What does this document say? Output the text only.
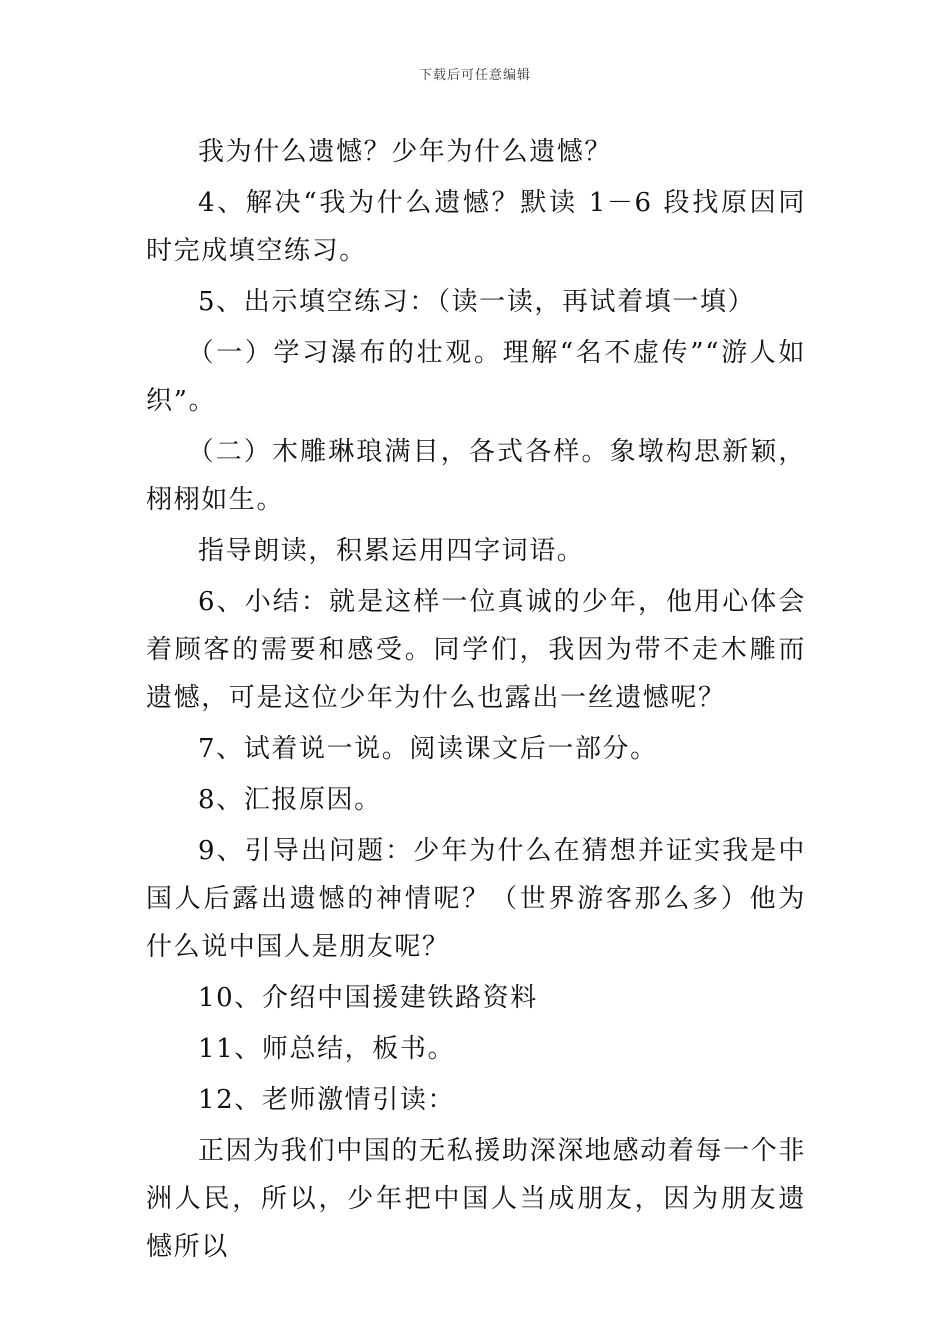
下载后可任意编辑

我为什么遗憾？少年为什么遗憾？

4、解决“我为什么遗憾？默读 1－6 段找原因同时完成填空练习。

5、出示填空练习：（读一读，再试着填一填）

（一）学习瀑布的壮观。理解“名不虚传”“游人如织”。

（二）木雕琳琅满目，各式各样。象墩构思新颖，栩栩如生。

指导朗读，积累运用四字词语。

6、小结：就是这样一位真诚的少年，他用心体会着顾客的需要和感受。同学们，我因为带不走木雕而遗憾，可是这位少年为什么也露出一丝遗憾呢？

7、试着说一说。阅读课文后一部分。

8、汇报原因。

9、引导出问题：少年为什么在猜想并证实我是中国人后露出遗憾的神情呢？（世界游客那么多）他为什么说中国人是朋友呢？

10、介绍中国援建铁路资料

11、师总结，板书。

12、老师激情引读：

正因为我们中国的无私援助深深地感动着每一个非洲人民，所以，少年把中国人当成朋友，因为朋友遗憾所以
